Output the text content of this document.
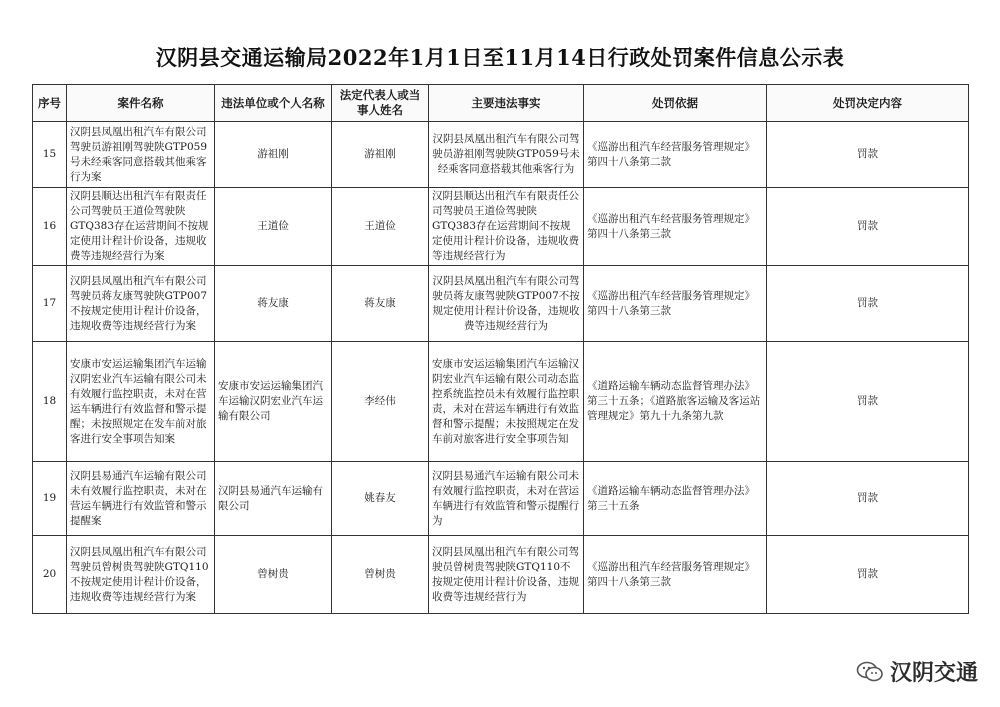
汉阴县交通运输局2022年1月1日至11月14日行政处罚案件信息公示表
序号	案件名称	违法单位或个人名称	法定代表人或当事人姓名	主要违法事实	处罚依据	处罚决定内容
15	汉阴县凤凰出租汽车有限公司驾驶员游祖刚驾驶陕GTP059号未经乘客同意搭载其他乘客行为案	游祖刚	游祖刚	汉阴县凤凰出租汽车有限公司驾驶员游祖刚驾驶陕GTP059号未经乘客同意搭载其他乘客行为	《巡游出租汽车经营服务管理规定》第四十八条第二款	罚款
16	汉阴县顺达出租汽车有限责任公司驾驶员王道俭驾驶陕GTQ383存在运营期间不按规定使用计程计价设备，违规收费等违规经营行为案	王道俭	王道俭	汉阴县顺达出租汽车有限责任公司驾驶员王道俭驾驶陕GTQ383存在运营期间不按规定使用计程计价设备，违规收费等违规经营行为	《巡游出租汽车经营服务管理规定》第四十八条第三款	罚款
17	汉阴县凤凰出租汽车有限公司驾驶员蒋友康驾驶陕GTP007不按规定使用计程计价设备，违规收费等违规经营行为案	蒋友康	蒋友康	汉阴县凤凰出租汽车有限公司驾驶员蒋友康驾驶陕GTP007不按规定使用计程计价设备，违规收费等违规经营行为	《巡游出租汽车经营服务管理规定》第四十八条第三款	罚款
18	安康市安运运输集团汽车运输汉阴宏业汽车运输有限公司未有效履行监控职责，未对在营运车辆进行有效监督和警示提醒；未按照规定在发车前对旅客进行安全事项告知案	安康市安运运输集团汽车运输汉阴宏业汽车运输有限公司	李经伟	安康市安运运输集团汽车运输汉阴宏业汽车运输有限公司动态监控系统监控员未有效履行监控职责，未对在营运车辆进行有效监督和警示提醒；未按照规定在发车前对旅客进行安全事项告知	《道路运输车辆动态监督管理办法》第三十五条；《道路旅客运输及客运站管理规定》第九十九条第九款	罚款
19	汉阴县易通汽车运输有限公司未有效履行监控职责，未对在营运车辆进行有效监管和警示提醒案	汉阴县易通汽车运输有限公司	姚春友	汉阴县易通汽车运输有限公司未有效履行监控职责，未对在营运车辆进行有效监管和警示提醒行为	《道路运输车辆动态监督管理办法》第三十五条	罚款
20	汉阴县凤凰出租汽车有限公司驾驶员曾树贵驾驶陕GTQ110不按规定使用计程计价设备，违规收费等违规经营行为案	曾树贵	曾树贵	汉阴县凤凰出租汽车有限公司驾驶员曾树贵驾驶陕GTQ110不按规定使用计程计价设备，违规收费等违规经营行为	《巡游出租汽车经营服务管理规定》第四十八条第三款	罚款
汉阴交通
